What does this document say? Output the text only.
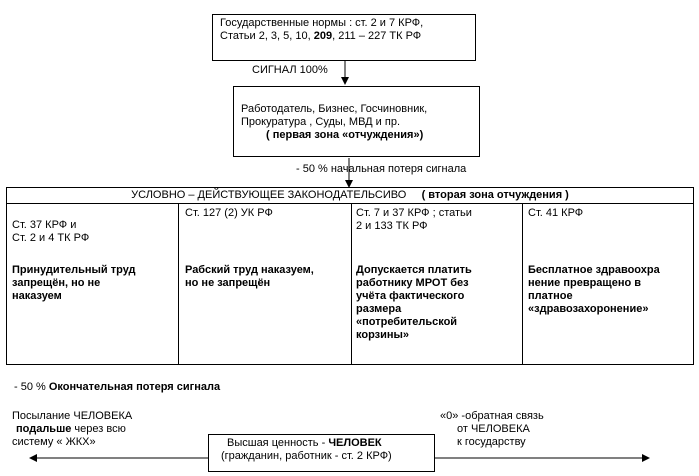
Государственные нормы : ст. 2 и 7 КРФ,
Статьи 2, 3, 5, 10, 209, 211 – 227 ТК РФ
СИГНАЛ 100%
Работодатель, Бизнес, Госчиновник,
Прокуратура , Суды, МВД и пр.
( первая зона «отчуждения»)
- 50 % начальная потеря сигнала
УСЛОВНО – ДЕЙСТВУЮЩЕЕ ЗАКОНОДАТЕЛЬСИВО ( вторая зона отчуждения )
Ст. 37 КРФ и
Ст. 2 и 4 ТК РФ
Принудительный труд
запрещён, но не
наказуем
Ст. 127 (2) УК РФ
Рабский труд наказуем,
но не запрещён
Ст. 7 и 37 КРФ ; статьи
2 и 133 ТК РФ
Допускается платить
работнику МРОТ без
учёта фактического
размера
«потребительской
корзины»
Ст. 41 КРФ
Бесплатное здравоохра
нение превращено в
платное
«здравозахоронение»
- 50 % Окончательная потеря сигнала
Посылание ЧЕЛОВЕКА
подальше через всю
систему « ЖКХ»
«0» -обратная связь
от ЧЕЛОВЕКА
к государству
Высшая ценность - ЧЕЛОВЕК
(гражданин, работник - ст. 2 КРФ)
